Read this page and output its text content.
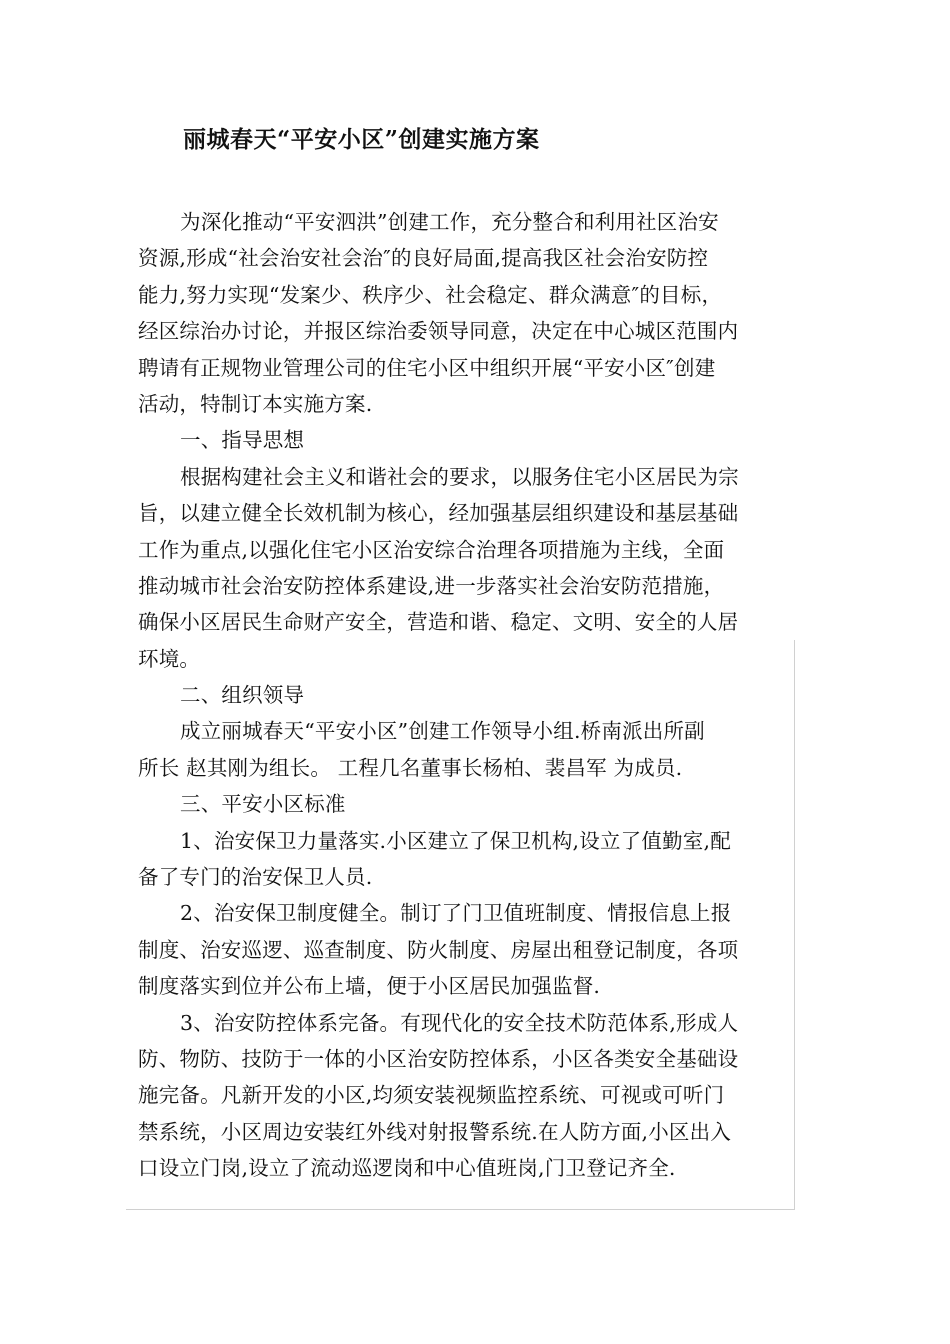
丽城春天“平安小区”创建实施方案
为深化推动“平安泗洪”创建工作，充分整合和利用社区治安
资源,形成“社会治安社会治″的良好局面,提高我区社会治安防控
能力,努力实现“发案少、秩序少、社会稳定、群众满意″的目标，
经区综治办讨论，并报区综治委领导同意，决定在中心城区范围内
聘请有正规物业管理公司的住宅小区中组织开展“平安小区″创建
活动，特制订本实施方案.
一、指导思想
根据构建社会主义和谐社会的要求，以服务住宅小区居民为宗
旨，以建立健全长效机制为核心，经加强基层组织建设和基层基础
工作为重点,以强化住宅小区治安综合治理各项措施为主线，全面
推动城市社会治安防控体系建设,进一步落实社会治安防范措施，
确保小区居民生命财产安全，营造和谐、稳定、文明、安全的人居
环境。
二、组织领导
成立丽城春天“平安小区”创建工作领导小组.桥南派出所副
所长 赵其刚为组长。 工程几名董事长杨柏、裴昌军 为成员.
三、平安小区标准
1、治安保卫力量落实.小区建立了保卫机构,设立了值勤室,配
备了专门的治安保卫人员.
2、治安保卫制度健全。制订了门卫值班制度、情报信息上报
制度、治安巡逻、巡查制度、防火制度、房屋出租登记制度，各项
制度落实到位并公布上墙，便于小区居民加强监督.
3、治安防控体系完备。有现代化的安全技术防范体系,形成人
防、物防、技防于一体的小区治安防控体系，小区各类安全基础设
施完备。凡新开发的小区,均须安装视频监控系统、可视或可听门
禁系统，小区周边安装红外线对射报警系统.在人防方面,小区出入
口设立门岗,设立了流动巡逻岗和中心值班岗,门卫登记齐全.
